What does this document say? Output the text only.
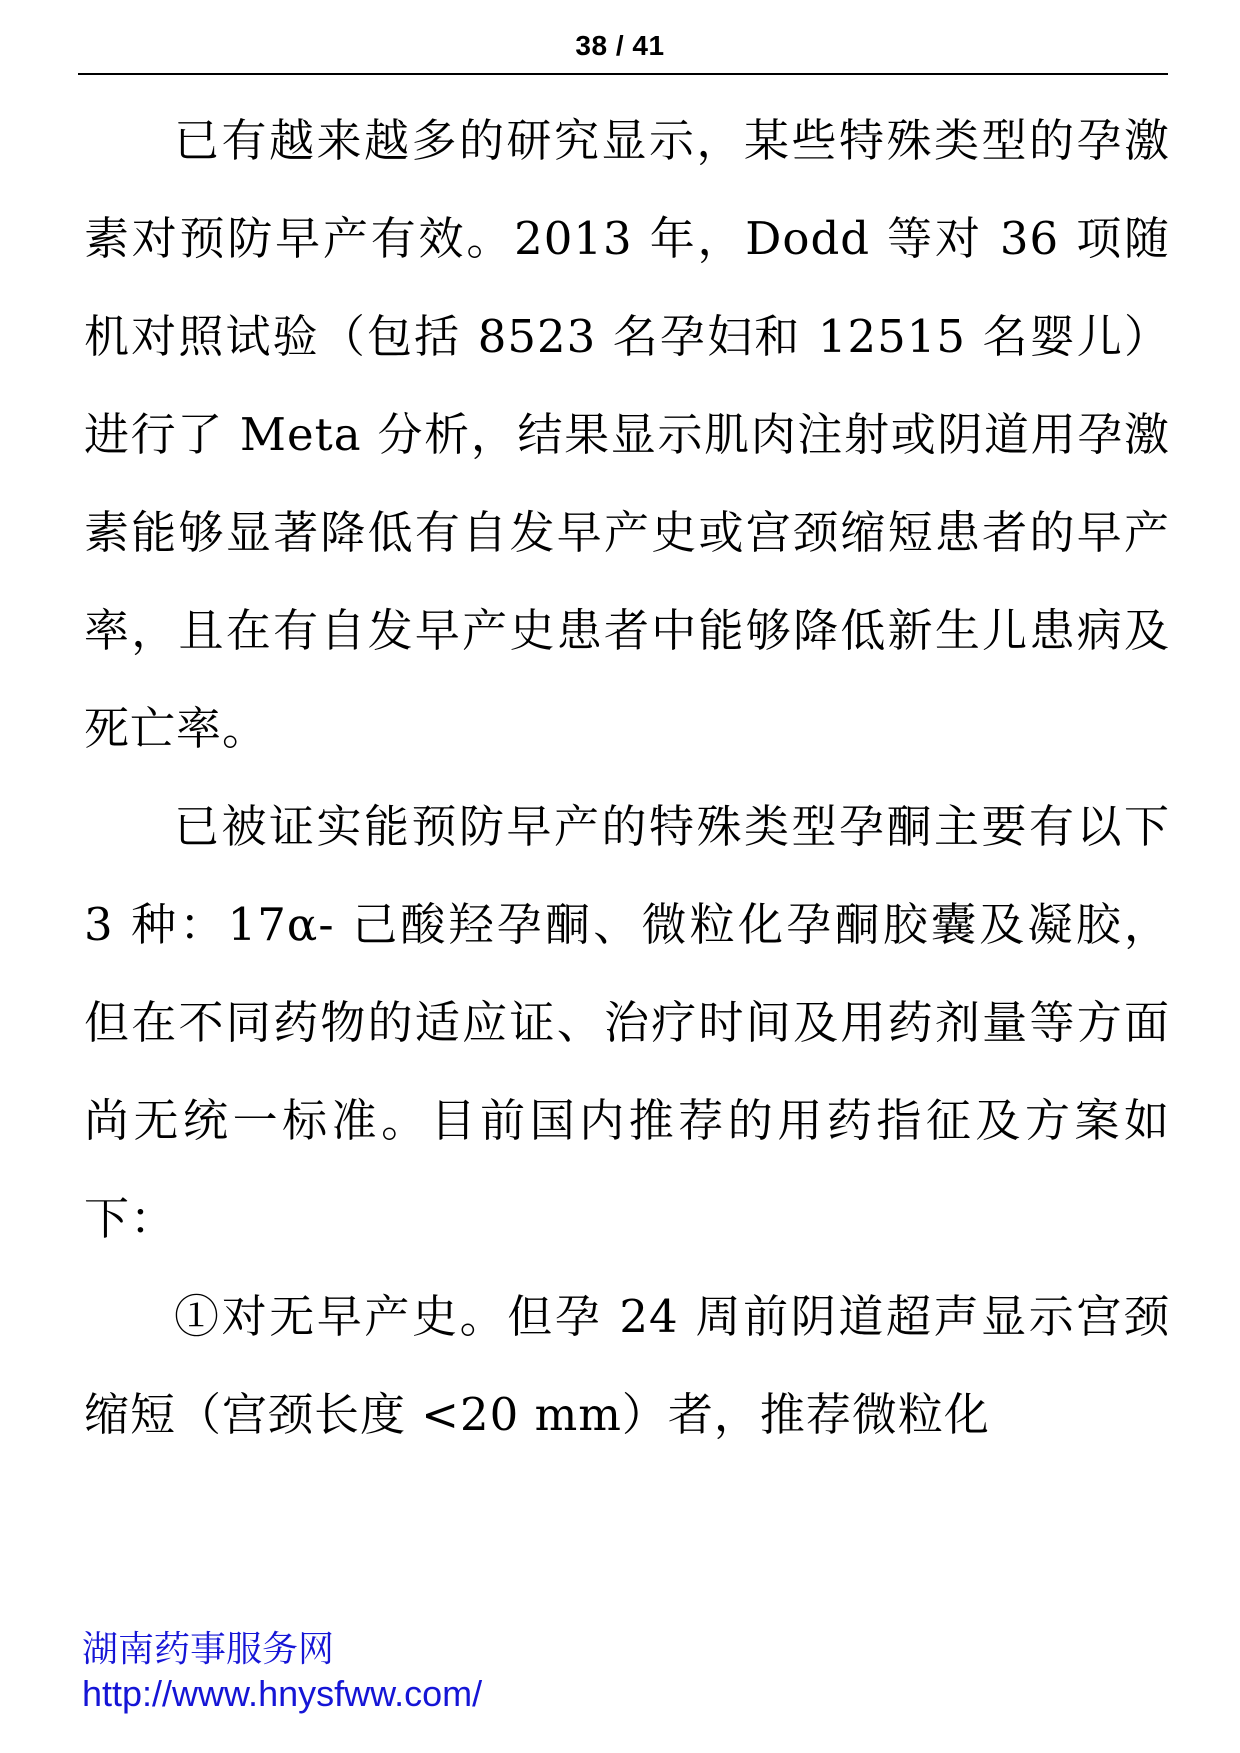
38 / 41

已有越来越多的研究显示，某些特殊类型的孕激素对预防早产有效。2013 年，Dodd 等对 36 项随机对照试验（包括 8523 名孕妇和 12515 名婴儿）进行了 Meta 分析，结果显示肌肉注射或阴道用孕激素能够显著降低有自发早产史或宫颈缩短患者的早产率，且在有自发早产史患者中能够降低新生儿患病及死亡率。

已被证实能预防早产的特殊类型孕酮主要有以下 3 种：17α- 己酸羟孕酮、微粒化孕酮胶囊及凝胶，但在不同药物的适应证、治疗时间及用药剂量等方面尚无统一标准。目前国内推荐的用药指征及方案如下：

①对无早产史。但孕 24 周前阴道超声显示宫颈缩短（宫颈长度 <20 mm）者，推荐微粒化

湖南药事服务网
http://www.hnysfww.com/
